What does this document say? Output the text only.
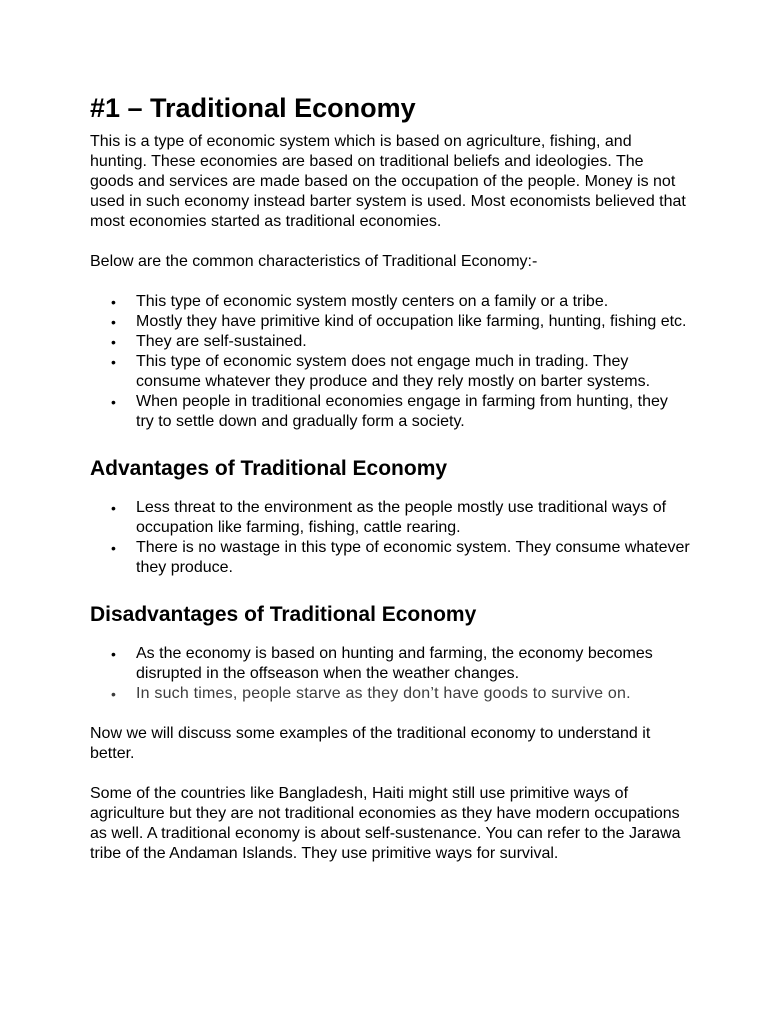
#1 – Traditional Economy

This is a type of economic system which is based on agriculture, fishing, and hunting. These economies are based on traditional beliefs and ideologies. The goods and services are made based on the occupation of the people. Money is not used in such economy instead barter system is used. Most economists believed that most economies started as traditional economies.

Below are the common characteristics of Traditional Economy:-

• This type of economic system mostly centers on a family or a tribe.
• Mostly they have primitive kind of occupation like farming, hunting, fishing etc.
• They are self-sustained.
• This type of economic system does not engage much in trading. They consume whatever they produce and they rely mostly on barter systems.
• When people in traditional economies engage in farming from hunting, they try to settle down and gradually form a society.
Advantages of Traditional Economy
• Less threat to the environment as the people mostly use traditional ways of occupation like farming, fishing, cattle rearing.
• There is no wastage in this type of economic system. They consume whatever they produce.
Disadvantages of Traditional Economy
• As the economy is based on hunting and farming, the economy becomes disrupted in the offseason when the weather changes.
• In such times, people starve as they don’t have goods to survive on.

Now we will discuss some examples of the traditional economy to understand it better.

Some of the countries like Bangladesh, Haiti might still use primitive ways of agriculture but they are not traditional economies as they have modern occupations as well. A traditional economy is about self-sustenance. You can refer to the Jarawa tribe of the Andaman Islands. They use primitive ways for survival.
